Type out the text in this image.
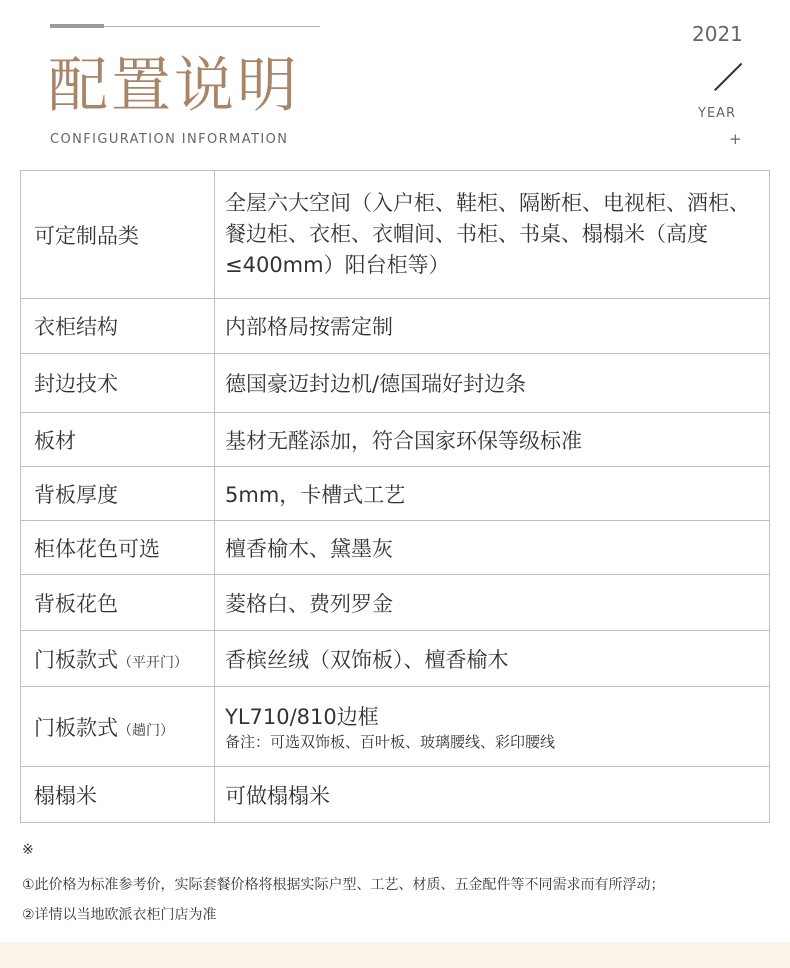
配置说明
CONFIGURATION INFORMATION
2021
YEAR
+
可定制品类	全屋六大空间（入户柜、鞋柜、隔断柜、电视柜、酒柜、餐边柜、衣柜、衣帽间、书柜、书桌、榻榻米（高度≤400mm）阳台柜等）

衣柜结构	内部格局按需定制
封边技术	德国豪迈封边机/德国瑞好封边条
板材	基材无醛添加，符合国家环保等级标准
背板厚度	5mm，卡槽式工艺
柜体花色可选	檀香榆木、黛墨灰
背板花色	菱格白、费列罗金
门板款式（平开门）	香槟丝绒（双饰板）、檀香榆木
门板款式（趟门）	YL710/810边框
备注：可选双饰板、百叶板、玻璃腰线、彩印腰线

榻榻米	可做榻榻米
※
①此价格为标准参考价，实际套餐价格将根据实际户型、工艺、材质、五金配件等不同需求而有所浮动；
②详情以当地欧派衣柜门店为准
